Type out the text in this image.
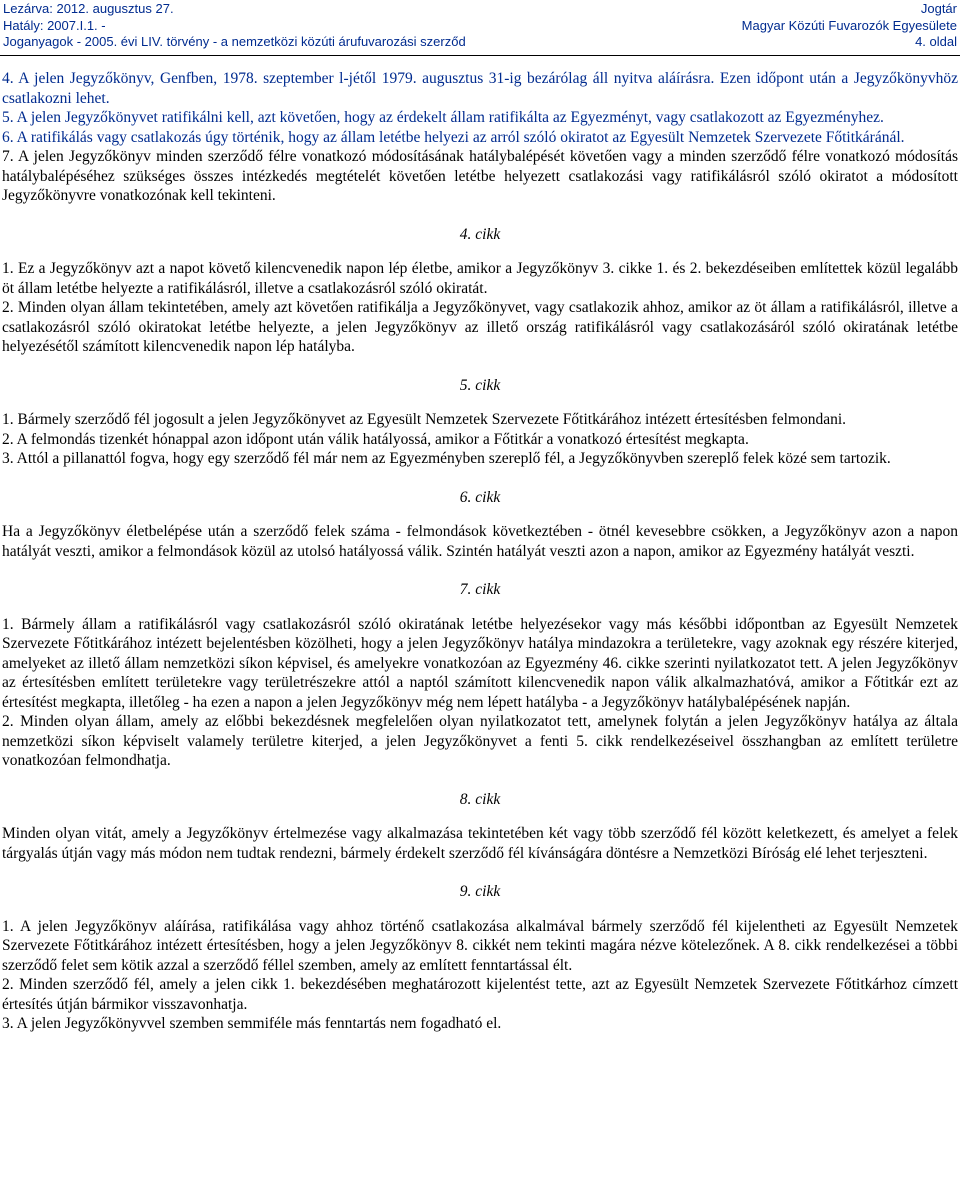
Lezárva: 2012. augusztus 27.
Hatály: 2007.I.1. -
Joganyagok - 2005. évi LIV. törvény - a nemzetközi közúti árufuvarozási szerződ
Jogtár
Magyar Közúti Fuvarozók Egyesülete
4. oldal

4. A jelen Jegyzőkönyv, Genfben, 1978. szeptember l-jétől 1979. augusztus 31-ig bezárólag áll nyitva aláírásra. Ezen időpont után a Jegyzőkönyvhöz csatlakozni lehet.

5. A jelen Jegyzőkönyvet ratifikálni kell, azt követően, hogy az érdekelt állam ratifikálta az Egyezményt, vagy csatlakozott az Egyezményhez.

6. A ratifikálás vagy csatlakozás úgy történik, hogy az állam letétbe helyezi az arról szóló okiratot az Egyesült Nemzetek Szervezete Főtitkáránál.

7. A jelen Jegyzőkönyv minden szerződő félre vonatkozó módosításának hatálybalépését követően vagy a minden szerződő félre vonatkozó módosítás hatálybalépéséhez szükséges összes intézkedés megtételét követően letétbe helyezett csatlakozási vagy ratifikálásról szóló okiratot a módosított Jegyzőkönyvre vonatkozónak kell tekinteni.

4. cikk

1. Ez a Jegyzőkönyv azt a napot követő kilencvenedik napon lép életbe, amikor a Jegyzőkönyv 3. cikke 1. és 2. bekezdéseiben említettek közül legalább öt állam letétbe helyezte a ratifikálásról, illetve a csatlakozásról szóló okiratát.

2. Minden olyan állam tekintetében, amely azt követően ratifikálja a Jegyzőkönyvet, vagy csatlakozik ahhoz, amikor az öt állam a ratifikálásról, illetve a csatlakozásról szóló okiratokat letétbe helyezte, a jelen Jegyzőkönyv az illető ország ratifikálásról vagy csatlakozásáról szóló okiratának letétbe helyezésétől számított kilencvenedik napon lép hatályba.

5. cikk

1. Bármely szerződő fél jogosult a jelen Jegyzőkönyvet az Egyesült Nemzetek Szervezete Főtitkárához intézett értesítésben felmondani.

2. A felmondás tizenkét hónappal azon időpont után válik hatályossá, amikor a Főtitkár a vonatkozó értesítést megkapta.

3. Attól a pillanattól fogva, hogy egy szerződő fél már nem az Egyezményben szereplő fél, a Jegyzőkönyvben szereplő felek közé sem tartozik.

6. cikk

Ha a Jegyzőkönyv életbelépése után a szerződő felek száma - felmondások következtében - ötnél kevesebbre csökken, a Jegyzőkönyv azon a napon hatályát veszti, amikor a felmondások közül az utolsó hatályossá válik. Szintén hatályát veszti azon a napon, amikor az Egyezmény hatályát veszti.

7. cikk

1. Bármely állam a ratifikálásról vagy csatlakozásról szóló okiratának letétbe helyezésekor vagy más későbbi időpontban az Egyesült Nemzetek Szervezete Főtitkárához intézett bejelentésben közölheti, hogy a jelen Jegyzőkönyv hatálya mindazokra a területekre, vagy azoknak egy részére kiterjed, amelyeket az illető állam nemzetközi síkon képvisel, és amelyekre vonatkozóan az Egyezmény 46. cikke szerinti nyilatkozatot tett. A jelen Jegyzőkönyv az értesítésben említett területekre vagy területrészekre attól a naptól számított kilencvenedik napon válik alkalmazhatóvá, amikor a Főtitkár ezt az értesítést megkapta, illetőleg - ha ezen a napon a jelen Jegyzőkönyv még nem lépett hatályba - a Jegyzőkönyv hatálybalépésének napján.

2. Minden olyan állam, amely az előbbi bekezdésnek megfelelően olyan nyilatkozatot tett, amelynek folytán a jelen Jegyzőkönyv hatálya az általa nemzetközi síkon képviselt valamely területre kiterjed, a jelen Jegyzőkönyvet a fenti 5. cikk rendelkezéseivel összhangban az említett területre vonatkozóan felmondhatja.

8. cikk

Minden olyan vitát, amely a Jegyzőkönyv értelmezése vagy alkalmazása tekintetében két vagy több szerződő fél között keletkezett, és amelyet a felek tárgyalás útján vagy más módon nem tudtak rendezni, bármely érdekelt szerződő fél kívánságára döntésre a Nemzetközi Bíróság elé lehet terjeszteni.

9. cikk

1. A jelen Jegyzőkönyv aláírása, ratifikálása vagy ahhoz történő csatlakozása alkalmával bármely szerződő fél kijelentheti az Egyesült Nemzetek Szervezete Főtitkárához intézett értesítésben, hogy a jelen Jegyzőkönyv 8. cikkét nem tekinti magára nézve kötelezőnek. A 8. cikk rendelkezései a többi szerződő felet sem kötik azzal a szerződő féllel szemben, amely az említett fenntartással élt.

2. Minden szerződő fél, amely a jelen cikk 1. bekezdésében meghatározott kijelentést tette, azt az Egyesült Nemzetek Szervezete Főtitkárhoz címzett értesítés útján bármikor visszavonhatja.

3. A jelen Jegyzőkönyvvel szemben semmiféle más fenntartás nem fogadható el.
